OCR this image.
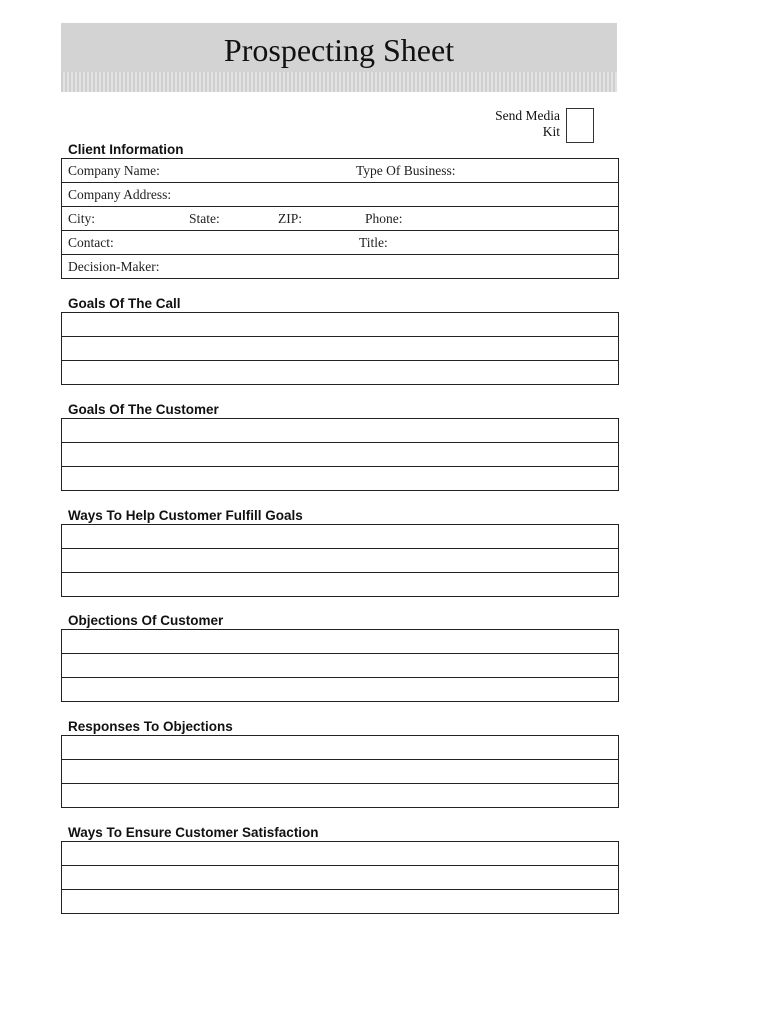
Prospecting Sheet
Send Media
Kit
Client Information
Company Name:	Type Of Business:
Company Address:
City:	State:	ZIP:	Phone:
Contact:	Title:
Decision-Maker:
Goals Of The Call
Goals Of The Customer
Ways To Help Customer Fulfill Goals
Objections Of Customer
Responses To Objections
Ways To Ensure Customer Satisfaction
